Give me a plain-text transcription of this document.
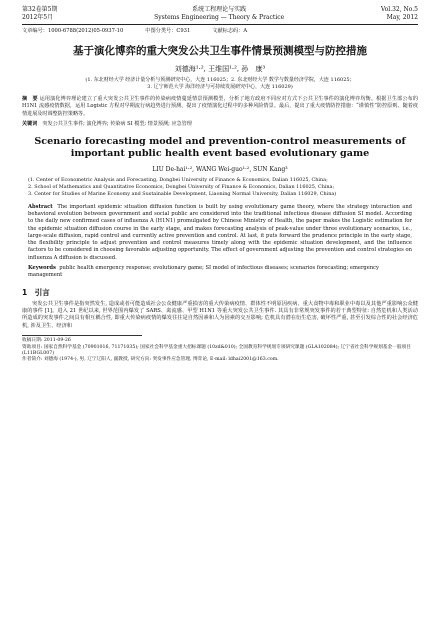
第32卷第5期
2012年5月
系统工程理论与实践
Systems Engineering — Theory & Practice
Vol.32, No.5
May, 2012
文章编号：1000-6788(2012)05-0937-10	中图分类号：C931	文献标志码：A
基于演化博弈的重大突发公共卫生事件情景预测模型与防控措施
刘德海¹·², 王维国¹·², 孙　康³
(1. 东北财经大学 经济计量分析与预测研究中心，大连 116025；2. 东北财经大学 数学与数量经济学院，大连 116025；
3. 辽宁师范大学 海洋经济与可持续发展研究中心，大连 116029)
摘　要 运用演化博弈理论建立了重大突发公共卫生事件的传染病疫情蔓延情景预测模型，分析了地方政府不同应对方式下公共卫生事件的演化博弈均衡。根据卫生部公布的 H1N1 流感疫情数据，运用 Logistic 方程对早期流行病趋势进行预测，提出了疫情演化过程中的多种风险情景。最后，提出了重大疫情防控措施：“谨慎性”防控原则、随着疫情进展及时调整防控策略等。
关键词　 突发公共卫生事件; 演化博弈; 传染病 SI 模型; 情景预测; 应急管理
Scenario forecasting model and prevention-control measurements of important public health event based evolutionary game
LIU De-hai¹·², WANG Wei-guo¹·², SUN Kang³
(1. Center of Econometric Analysis and Forecasting, Dongbei University of Finance & Economics, Dalian 116025, China;
2. School of Mathematics and Quantitative Economics, Dongbei University of Finance & Economics, Dalian 116025, China;
3. Center for Studies of Marine Economy and Sustainable Development, Liaoning Normal University, Dalian 116029, China)
Abstract The important epidemic situation diffusion function is built by using evolutionary game theory, where the strategy interaction and behavioral evolution between government and social public are considered into the traditional infectious disease diffusion SI model. According to the daily new confirmed cases of influenza A (H1N1) promulgated by Chinese Ministry of Health, the paper makes the Logistic estimation for the epidemic situation diffusion course in the early stage, and makes forecasting analysis of peak-value under three evolutionary scenarios, i.e., large-scale diffusion, rapid control and currently active prevention and control. At last, it puts forward the prudence principle in the early stage, the flexibility principle to adjust prevention and control measures timely along with the epidemic situation development, and the influence factors to be considered in choosing favorable adjusting opportunity. The effect of government adjusting the prevention and control strategies on influenza A diffusion is discussed.
Keywords public health emergency response; evolutionary game; SI model of infectious diseases; scenarios forecasting; emergency management
1　引言
突发公共卫生事件是指突然发生, 造成或者可能造成社会公众健康严重损害的重大传染病疫情、群体性不明原因疾病、重大食物中毒和职业中毒以及其他严重影响公众健康的事件 [1]。进入 21 世纪以来, 世界范围内爆发了 SARS、禽流感、甲型 H1N1 等重大突发公共卫生事件. 其具有非常规突发事件的若干典型特征: 自然危机和人类活动所造成的突发事件之间具有相互耦合性, 即重大传染病疫情的爆发往往是自然因素和人为因素的交互影响; 危机具有潜在衍生危害, 破坏性严重, 甚至引发综合性的社会经济危机, 涉及卫生、经济和
收稿日期: 2011-09-26
资助项目: 国家自然科学基金 (70901016, 71171035); 国家社会科学基金重大招标课题 (10zd&010); 全国教育科学规划专项研究课题 (GLA102084); 辽宁省社会科学规划基金一般项目 (L11BGL007)
作者简介: 刘德海 (1974-), 男, 辽宁辽阳人, 副教授, 研究方向: 突发事件应急管理, 博弈论, E-mail: ldhai2001@163.com.
